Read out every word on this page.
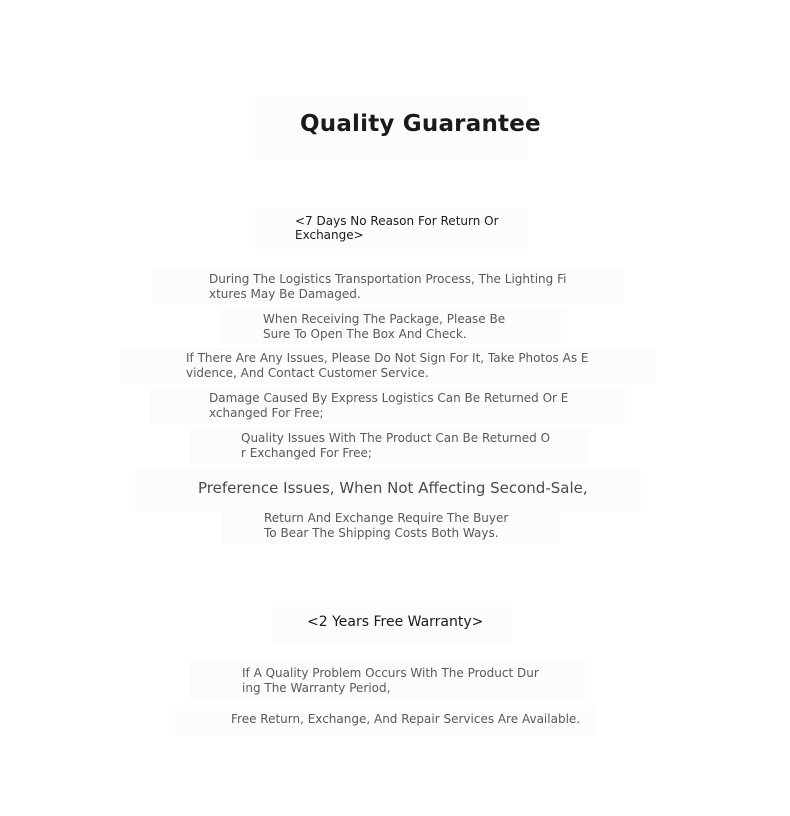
Quality Guarantee

<7 Days No Reason For Return Or Exchange>

During The Logistics Transportation Process, The Lighting Fixtures May Be Damaged.

When Receiving The Package, Please Be Sure To Open The Box And Check.

If There Are Any Issues, Please Do Not Sign For It, Take Photos As Evidence, And Contact Customer Service.

Damage Caused By Express Logistics Can Be Returned Or Exchanged For Free;

Quality Issues With The Product Can Be Returned Or Exchanged For Free;

Preference Issues, When Not Affecting Second-Sale,

Return And Exchange Require The Buyer To Bear The Shipping Costs Both Ways.

<2 Years Free Warranty>

If A Quality Problem Occurs With The Product During The Warranty Period,

Free Return, Exchange, And Repair Services Are Available.
